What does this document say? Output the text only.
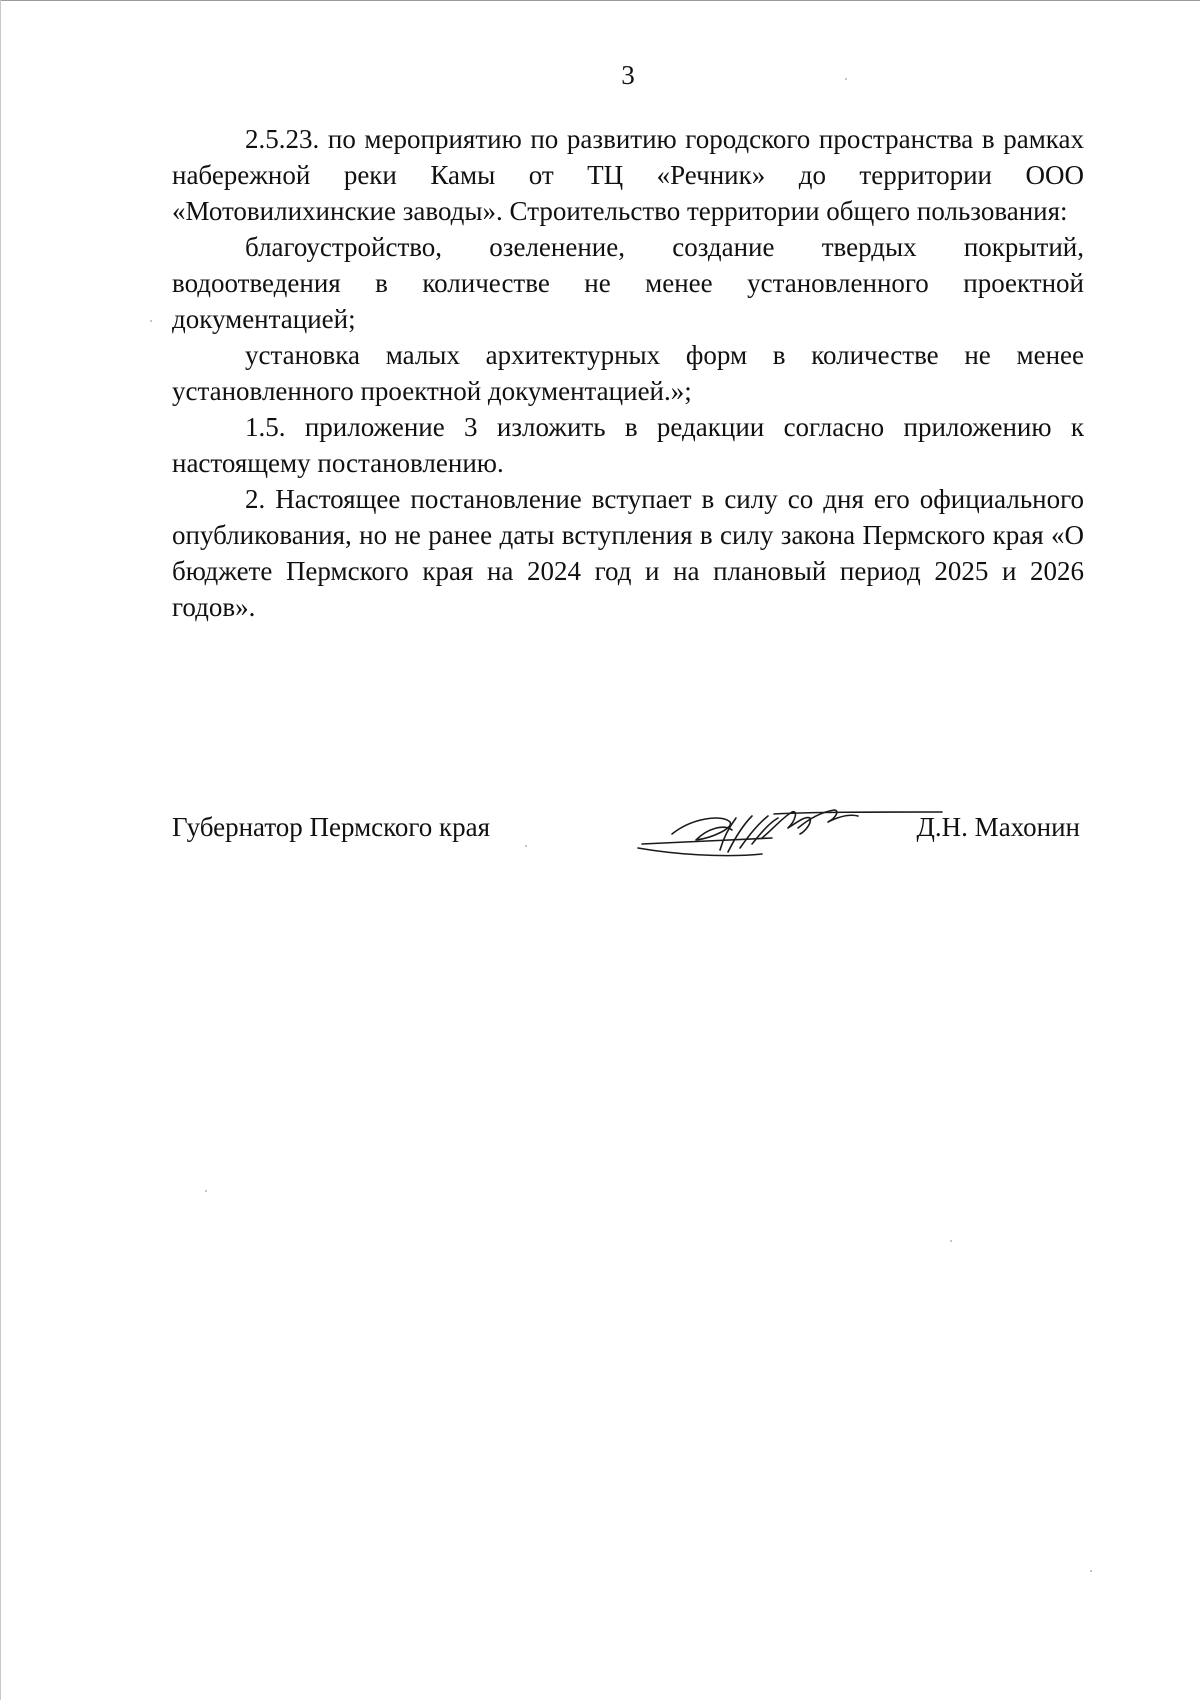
3

2.5.23. по мероприятию по развитию городского пространства в рамках набережной реки Камы от ТЦ «Речник» до территории ООО «Мотовилихинские заводы». Строительство территории общего пользования:

благоустройство, озеленение, создание твердых покрытий, водоотведения в количестве не менее установленного проектной документацией;

установка малых архитектурных форм в количестве не менее установленного проектной документацией.»;

1.5. приложение 3 изложить в редакции согласно приложению к настоящему постановлению.

2. Настоящее постановление вступает в силу со дня его официального опубликования, но не ранее даты вступления в силу закона Пермского края «О бюджете Пермского края на 2024 год и на плановый период 2025 и 2026 годов».

Губернатор Пермского края	Д.Н. Махонин
